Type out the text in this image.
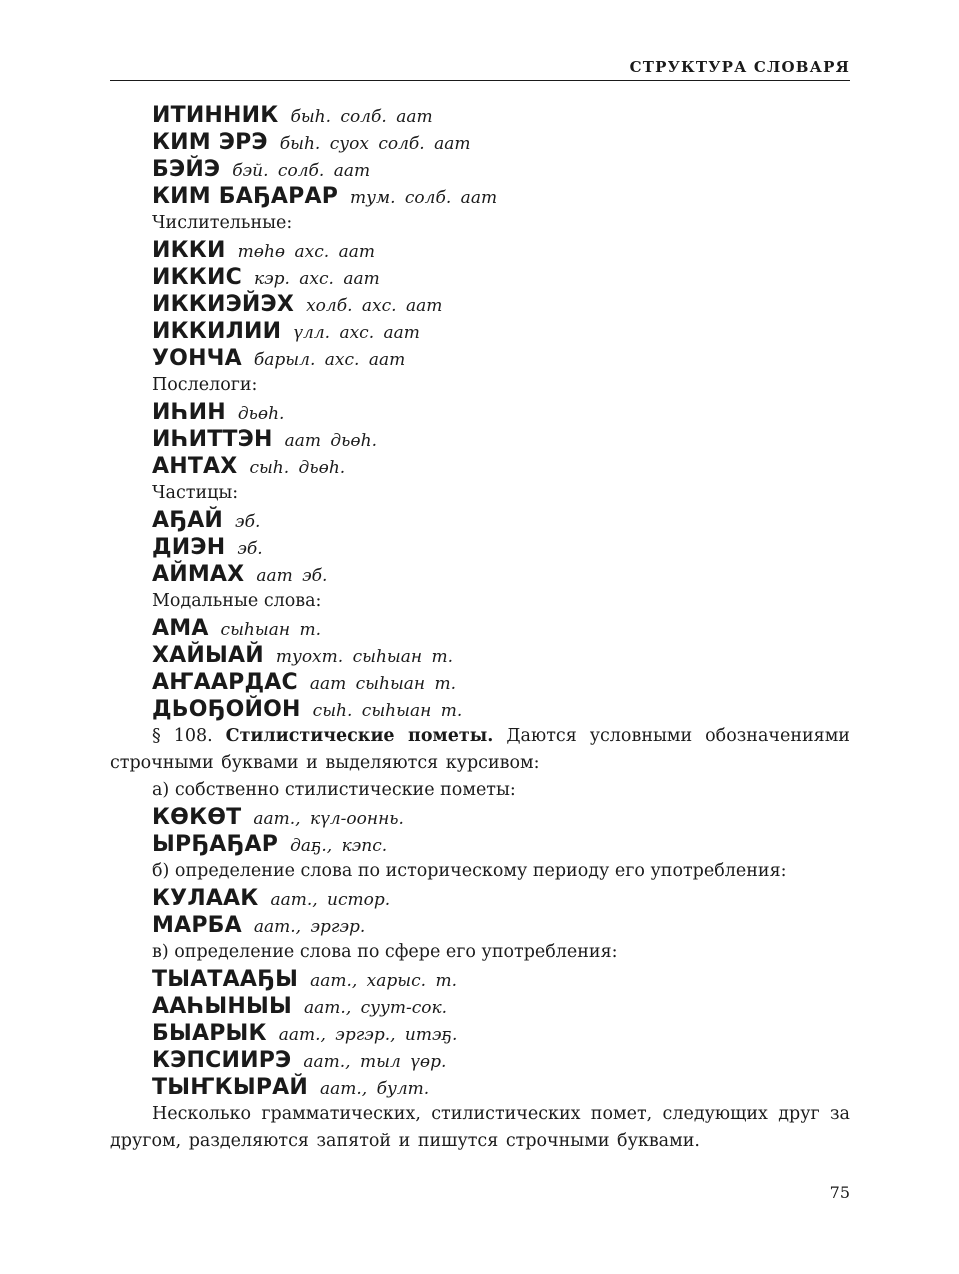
СТРУКТУРА СЛОВАРЯ
ИТИННИК быһ. солб. аат
КИМ ЭРЭ быһ. суох солб. аат
БЭЙЭ бэй. солб. аат
КИМ БАҔАРАР тум. солб. аат
Числительные:
ИККИ төһө ахс. аат
ИККИС кэр. ахс. аат
ИККИЭЙЭХ холб. ахс. аат
ИККИЛИИ үлл. ахс. аат
УОНЧА барыл. ахс. аат
Послелоги:
ИҺИН дьөһ.
ИҺИТТЭН аат дьөһ.
АНТАХ сыһ. дьөһ.
Частицы:
АҔАЙ эб.
ДИЭН эб.
АЙМАХ аат эб.
Модальные слова:
АМА сыһыан т.
ХАЙЫАЙ туохт. сыһыан т.
АҤААРДАС аат сыһыан т.
ДЬОҔОЙОН сыһ. сыһыан т.
§ 108. Стилистические пометы. Даются условными обозначениями строчными буквами и выделяются курсивом:
а) собственно стилистические пометы:
КӨКӨТ аат., күл-ооннь.
ЫРҔАҔАР даҕ., кэпс.
б) определение слова по историческому периоду его употребления:
КУЛААК аат., истор.
МАРБА аат., эргэр.
в) определение слова по сфере его употребления:
ТЫАТААҔЫ аат., харыс. т.
ААҺЫНЫЫ аат., суут-сок.
БЫАРЫК аат., эргэр., итэҕ.
КЭПСИИРЭ аат., тыл үөр.
ТЫҤКЫРАЙ аат., булт.
Несколько грамматических, стилистических помет, следующих друг за другом, разделяются запятой и пишутся строчными буквами.
75
